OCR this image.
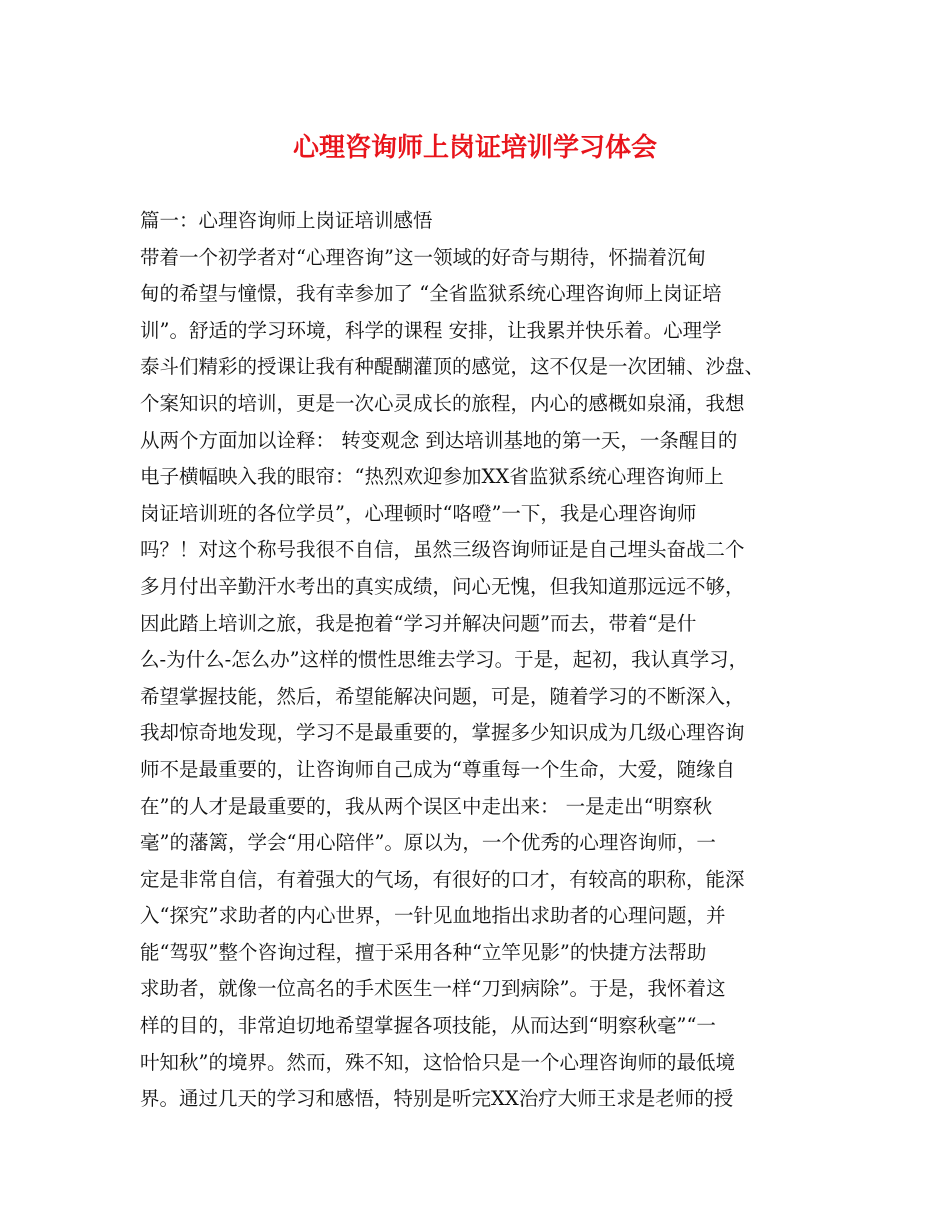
心理咨询师上岗证培训学习体会
篇一：心理咨询师上岗证培训感悟
带着一个初学者对“心理咨询”这一领域的好奇与期待，怀揣着沉甸
甸的希望与憧憬，我有幸参加了 “全省监狱系统心理咨询师上岗证培
训”。舒适的学习环境，科学的课程 安排，让我累并快乐着。心理学
泰斗们精彩的授课让我有种醍醐灌顶的感觉，这不仅是一次团辅、沙盘、
个案知识的培训，更是一次心灵成长的旅程，内心的感概如泉涌，我想
从两个方面加以诠释： 转变观念 到达培训基地的第一天，一条醒目的
电子横幅映入我的眼帘：“热烈欢迎参加XX省监狱系统心理咨询师上
岗证培训班的各位学员”，心理顿时“咯噔”一下，我是心理咨询师
吗？！对这个称号我很不自信，虽然三级咨询师证是自己埋头奋战二个
多月付出辛勤汗水考出的真实成绩，问心无愧，但我知道那远远不够，
因此踏上培训之旅，我是抱着“学习并解决问题”而去，带着“是什
么-为什么-怎么办”这样的惯性思维去学习。于是，起初，我认真学习，
希望掌握技能，然后，希望能解决问题，可是，随着学习的不断深入，
我却惊奇地发现，学习不是最重要的，掌握多少知识成为几级心理咨询
师不是最重要的，让咨询师自己成为“尊重每一个生命，大爱，随缘自
在”的人才是最重要的，我从两个误区中走出来： 一是走出“明察秋
毫”的藩篱，学会“用心陪伴”。原以为，一个优秀的心理咨询师，一
定是非常自信，有着强大的气场，有很好的口才，有较高的职称，能深
入“探究”求助者的内心世界，一针见血地指出求助者的心理问题，并
能“驾驭”整个咨询过程，擅于采用各种“立竿见影”的快捷方法帮助
求助者，就像一位高名的手术医生一样“刀到病除”。于是，我怀着这
样的目的，非常迫切地希望掌握各项技能，从而达到“明察秋毫”“一
叶知秋”的境界。然而，殊不知，这恰恰只是一个心理咨询师的最低境
界。通过几天的学习和感悟，特别是听完XX治疗大师王求是老师的授
